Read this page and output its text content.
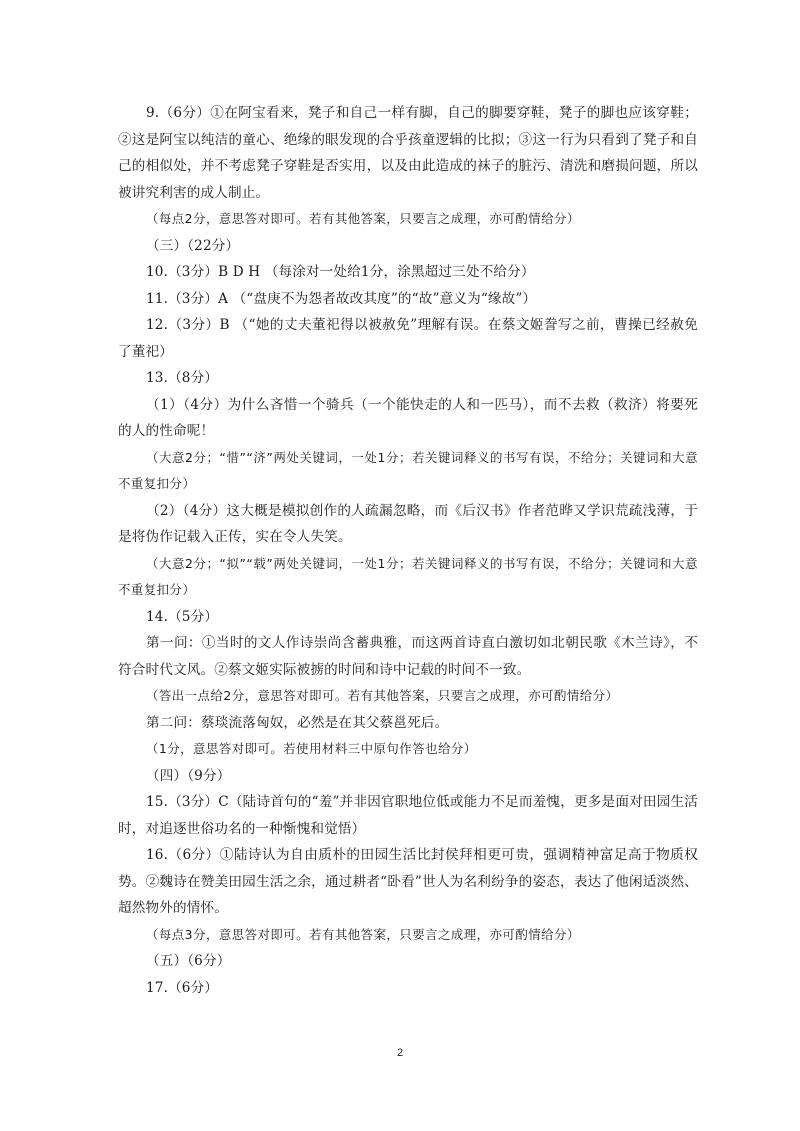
9.（6分）①在阿宝看来，凳子和自己一样有脚，自己的脚要穿鞋，凳子的脚也应该穿鞋；②这是阿宝以纯洁的童心、绝缘的眼发现的合乎孩童逻辑的比拟；③这一行为只看到了凳子和自己的相似处，并不考虑凳子穿鞋是否实用，以及由此造成的袜子的脏污、清洗和磨损问题，所以被讲究利害的成人制止。

（每点2分，意思答对即可。若有其他答案，只要言之成理，亦可酌情给分）

（三）（22分）

10.（3分）B D H （每涂对一处给1分，涂黑超过三处不给分）

11.（3分）A （“盘庚不为怨者故改其度”的“故”意义为“缘故”）

12.（3分）B （“她的丈夫董祀得以被赦免”理解有误。在蔡文姬誊写之前，曹操已经赦免了董祀）

13.（8分）

（1）（4分）为什么吝惜一个骑兵（一个能快走的人和一匹马），而不去救（救济）将要死的人的性命呢！

（大意2分；“惜”“济”两处关键词，一处1分；若关键词释义的书写有误，不给分；关键词和大意不重复扣分）

（2）（4分）这大概是模拟创作的人疏漏忽略，而《后汉书》作者范晔又学识荒疏浅薄，于是将伪作记载入正传，实在令人失笑。

（大意2分；“拟”“载”两处关键词，一处1分；若关键词释义的书写有误，不给分；关键词和大意不重复扣分）

14.（5分）

第一问：①当时的文人作诗崇尚含蓄典雅，而这两首诗直白激切如北朝民歌《木兰诗》，不符合时代文风。②蔡文姬实际被掳的时间和诗中记载的时间不一致。

（答出一点给2分，意思答对即可。若有其他答案，只要言之成理，亦可酌情给分）

第二问：蔡琰流落匈奴，必然是在其父蔡邕死后。

（1分，意思答对即可。若使用材料三中原句作答也给分）

（四）（9分）

15.（3分）C（陆诗首句的“羞”并非因官职地位低或能力不足而羞愧，更多是面对田园生活时，对追逐世俗功名的一种惭愧和觉悟）

16.（6分）①陆诗认为自由质朴的田园生活比封侯拜相更可贵，强调精神富足高于物质权势。②魏诗在赞美田园生活之余，通过耕者“卧看”世人为名利纷争的姿态，表达了他闲适淡然、超然物外的情怀。

（每点3分，意思答对即可。若有其他答案，只要言之成理，亦可酌情给分）

（五）（6分）

17.（6分）

2
